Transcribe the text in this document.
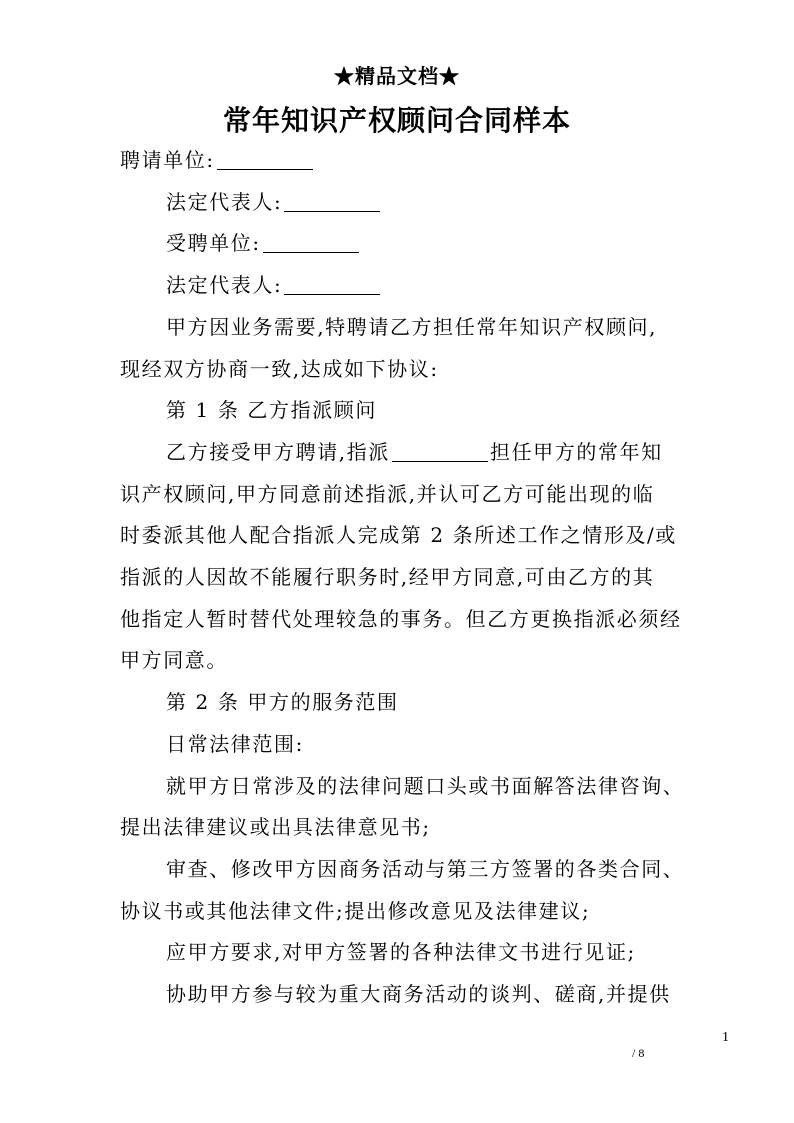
★精品文档★
常年知识产权顾问合同样本

聘请单位:

法定代表人:

受聘单位:

法定代表人:

甲方因业务需要,特聘请乙方担任常年知识产权顾问,

现经双方协商一致,达成如下协议:

第 1 条 乙方指派顾问

乙方接受甲方聘请,指派	担任甲方的常年知

识产权顾问,甲方同意前述指派,并认可乙方可能出现的临

时委派其他人配合指派人完成第 2 条所述工作之情形及/或

指派的人因故不能履行职务时,经甲方同意,可由乙方的其

他指定人暂时替代处理较急的事务。但乙方更换指派必须经

甲方同意。

第 2 条 甲方的服务范围

日常法律范围:

就甲方日常涉及的法律问题口头或书面解答法律咨询、

提出法律建议或出具法律意见书;

审查、修改甲方因商务活动与第三方签署的各类合同、

协议书或其他法律文件;提出修改意见及法律建议;

应甲方要求,对甲方签署的各种法律文书进行见证;

协助甲方参与较为重大商务活动的谈判、磋商,并提供

1
/ 8
